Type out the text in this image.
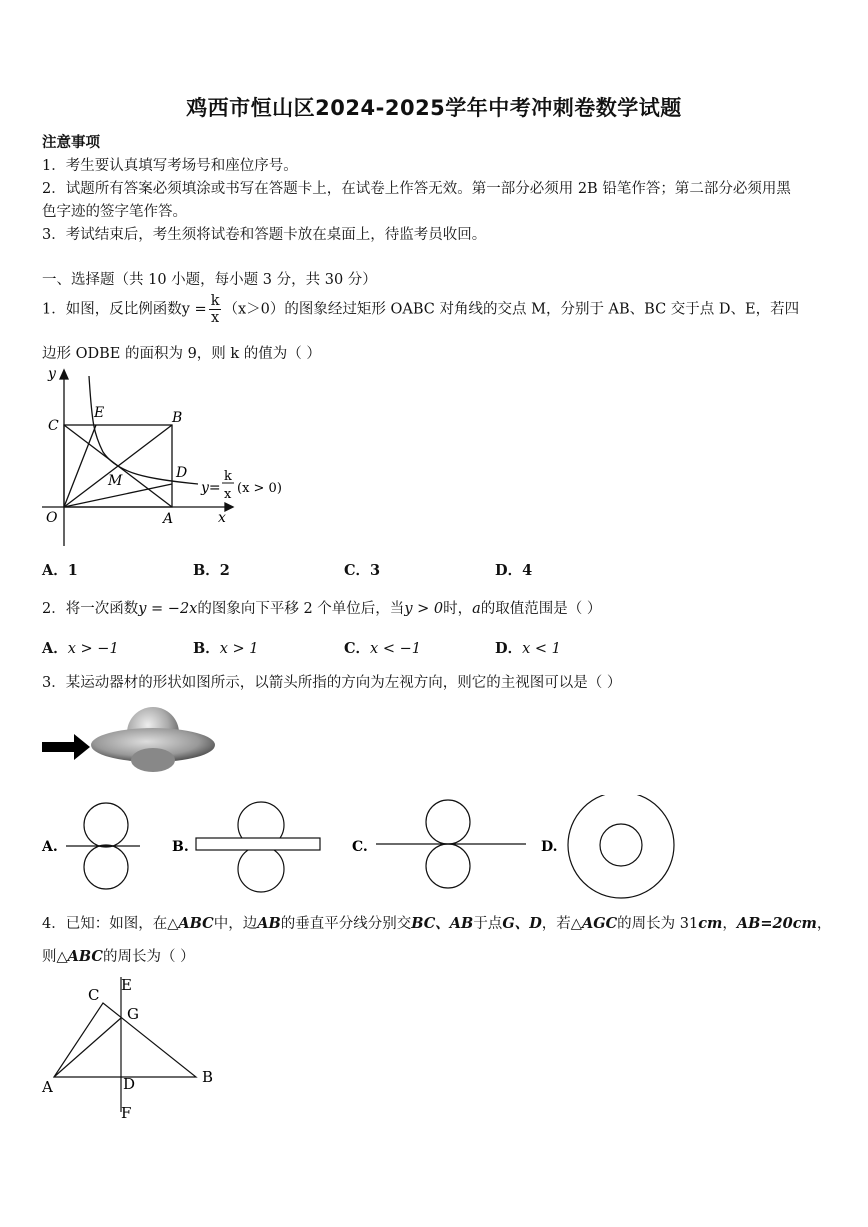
鸡西市恒山区2024-2025学年中考冲刺卷数学试题
注意事项
1．考生要认真填写考场号和座位序号。
2．试题所有答案必须填涂或书写在答题卡上，在试卷上作答无效。第一部分必须用 2B 铅笔作答；第二部分必须用黑
色字迹的签字笔作答。
3．考试结束后，考生须将试卷和答题卡放在桌面上，待监考员收回。
一、选择题（共 10 小题，每小题 3 分，共 30 分）
1．如图，反比例函数$y = \frac{k}{x} (x>0)$的图象经过矩形 OABC 对角线的交点 M，分别于 AB、BC 交于点 D、E，若四
边形 ODBE 的面积为 9，则 k 的值为（ ）
y
C
E	B
D
M
O	A	x
y=
k
x (x > 0)
A．1	B．2	C．3	D．4
2．将一次函数y = −2x的图象向下平移 2 个单位后，当y > 0时，a的取值范围是（ ）
A．x > −1	B．x > 1	C．x < −1	D．x < 1
3．某运动器材的形状如图所示，以箭头所指的方向为左视方向，则它的主视图可以是（ ）
A.	B.	C.	D.
4．已知：如图，在△ABC中，边AB的垂直平分线分别交BC、AB于点G、D，若△AGC的周长为 31cm，AB=20cm，
则△ABC的周长为（ ）
C
E
G
A	D	B
F
